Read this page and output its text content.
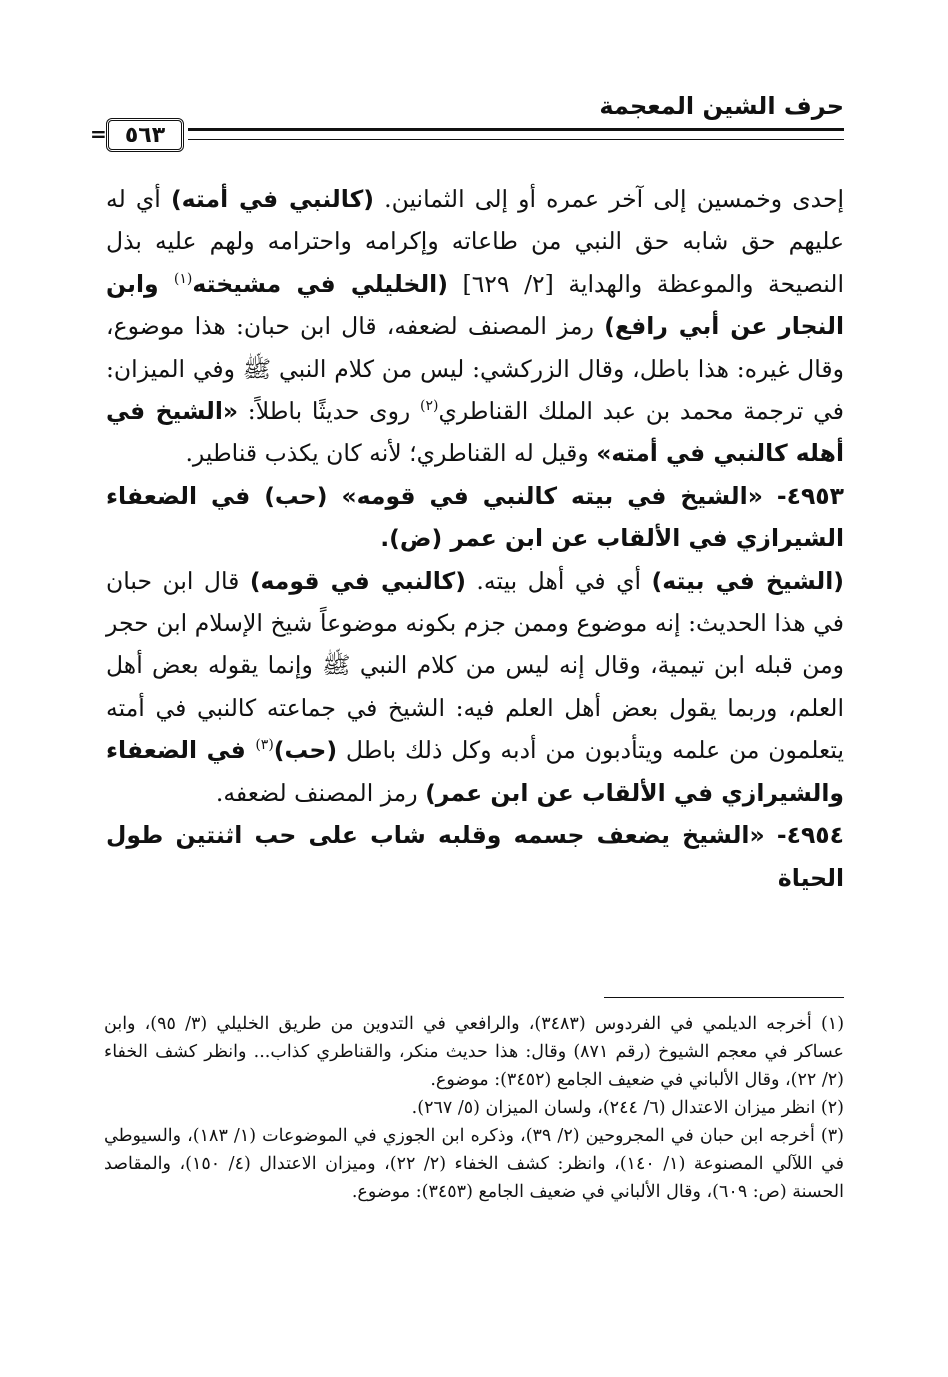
حرف الشين المعجمة
٥٦٣
=

إحدى وخمسين إلى آخر عمره أو إلى الثمانين. (كالنبي في أمته) أي له عليهم حق شابه حق النبي من طاعاته وإكرامه واحترامه ولهم عليه بذل النصيحة والموعظة والهداية [٢/ ٦٢٩] (الخليلي في مشيخته$^{(١)}$ وابن النجار عن أبي رافع) رمز المصنف لضعفه، قال ابن حبان: هذا موضوع، وقال غيره: هذا باطل، وقال الزركشي: ليس من كلام النبي ﷺ وفي الميزان: في ترجمة محمد بن عبد الملك القناطري$^{(٢)}$ روى حديثًا باطلاً: «الشيخ في أهله كالنبي في أمته» وقيل له القناطري؛ لأنه كان يكذب قناطير.

٤٩٥٣- «الشيخ في بيته كالنبي في قومه» (حب) في الضعفاء الشيرازي في الألقاب عن ابن عمر (ض).

(الشيخ في بيته) أي في أهل بيته. (كالنبي في قومه) قال ابن حبان في هذا الحديث: إنه موضوع وممن جزم بكونه موضوعاً شيخ الإسلام ابن حجر ومن قبله ابن تيمية، وقال إنه ليس من كلام النبي ﷺ وإنما يقوله بعض أهل العلم، وربما يقول بعض أهل العلم فيه: الشيخ في جماعته كالنبي في أمته يتعلمون من علمه ويتأدبون من أدبه وكل ذلك باطل (حب)$^{(٣)}$ في الضعفاء والشيرازي في الألقاب عن ابن عمر) رمز المصنف لضعفه.

٤٩٥٤- «الشيخ يضعف جسمه وقلبه شاب على حب اثنتين طول الحياة

(١) أخرجه الديلمي في الفردوس (٣٤٨٣)، والرافعي في التدوين من طريق الخليلي (٣/ ٩٥)، وابن عساكر في معجم الشيوخ (رقم ٨٧١) وقال: هذا حديث منكر، والقناطري كذاب... وانظر كشف الخفاء (٢/ ٢٢)، وقال الألباني في ضعيف الجامع (٣٤٥٢): موضوع.

(٢) انظر ميزان الاعتدال (٦/ ٢٤٤)، ولسان الميزان (٥/ ٢٦٧).

(٣) أخرجه ابن حبان في المجروحين (٢/ ٣٩)، وذكره ابن الجوزي في الموضوعات (١/ ١٨٣)، والسيوطي في اللآلي المصنوعة (١/ ١٤٠)، وانظر: كشف الخفاء (٢/ ٢٢)، وميزان الاعتدال (٤/ ١٥٠)، والمقاصد الحسنة (ص: ٦٠٩)، وقال الألباني في ضعيف الجامع (٣٤٥٣): موضوع.
